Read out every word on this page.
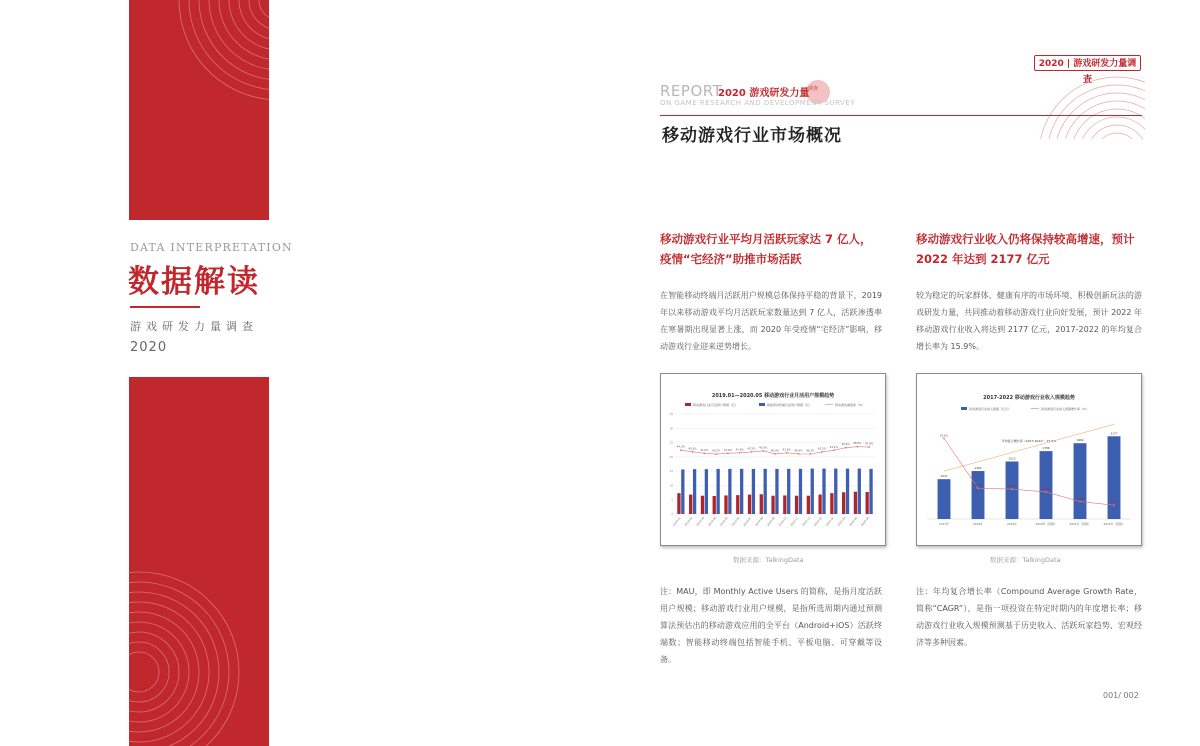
DATA INTERPRETATION
数据解读
游戏研发力量调查
2020
2020 | 游戏研发力量调查
REPORT
2020 游戏研发力量
调查
ON GAME RESEARCH AND DEVELOPMENT SURVEY
移动游戏行业市场概况
移动游戏行业平均月活跃玩家达 7 亿人，疫情“宅经济”助推市场活跃
在智能移动终端月活跃用户规模总体保持平稳的背景下，2019 年以来移动游戏平均月活跃玩家数量达到 7 亿人，活跃渗透率在寒暑期出现显著上涨，而 2020 年受疫情“宅经济”影响，移动游戏行业迎来逆势增长。
2019.01—2020.05 移动游戏行业月活用户规模趋势
移动游戏行业月活用户规模（亿）	智能移动终端月活用户规模（亿）	移动游戏渗透率（%）
0
5
10
15
20
25
30
35
44.3%
2019.01
42.6%
2019.02
41.0%
2019.03
40.2%
2019.04
41.0%
2019.05
41.6%
2019.06
42.5%
2019.07
43.6%
2019.08
40.4%
2019.09
41.6%
2019.10
40.4%
2019.11
40.3%
2019.12
42.5%
2020.01
44.2%
2020.02
46.9%
2020.03
48.0%
2020.04
47.6%
2020.05
数据来源：TalkingData
注：MAU，即 Monthly Active Users 的简称，是指月度活跃用户规模；移动游戏行业用户规模，是指所选周期内通过预测算法预估出的移动游戏应用的全平台（Android+iOS）活跃终端数；智能移动终端包括智能手机、平板电脑、可穿戴等设备。
移动游戏行业收入仍将保持较高增速，预计 2022 年达到 2177 亿元
较为稳定的玩家群体、健康有序的市场环境、积极创新玩法的游戏研发力量，共同推动着移动游戏行业向好发展，预计 2022 年移动游戏行业收入将达到 2177 亿元，2017-2022 的年均复合增长率为 15.9%。
2017-2022 移动游戏行业收入规模趋势
移动游戏行业收入规模（亿元）	移动游戏行业收入规模增长率（%）
年均复合增长率（2017-2022）：15.9%
1047
53.6%
2017年
1262
20.5%
2018年
1513
19.9%
2019年
1786
18.0%
2020年（预测）
1994
11.6%
2021年（预测）
2177
9.2%
2022年（预测）
数据来源：TalkingData
注：年均复合增长率（Compound Average Growth Rate，简称“CAGR”），是指一项投资在特定时期内的年度增长率；移动游戏行业收入规模预测基于历史收入、活跃玩家趋势、宏观经济等多种因素。
001/ 002
